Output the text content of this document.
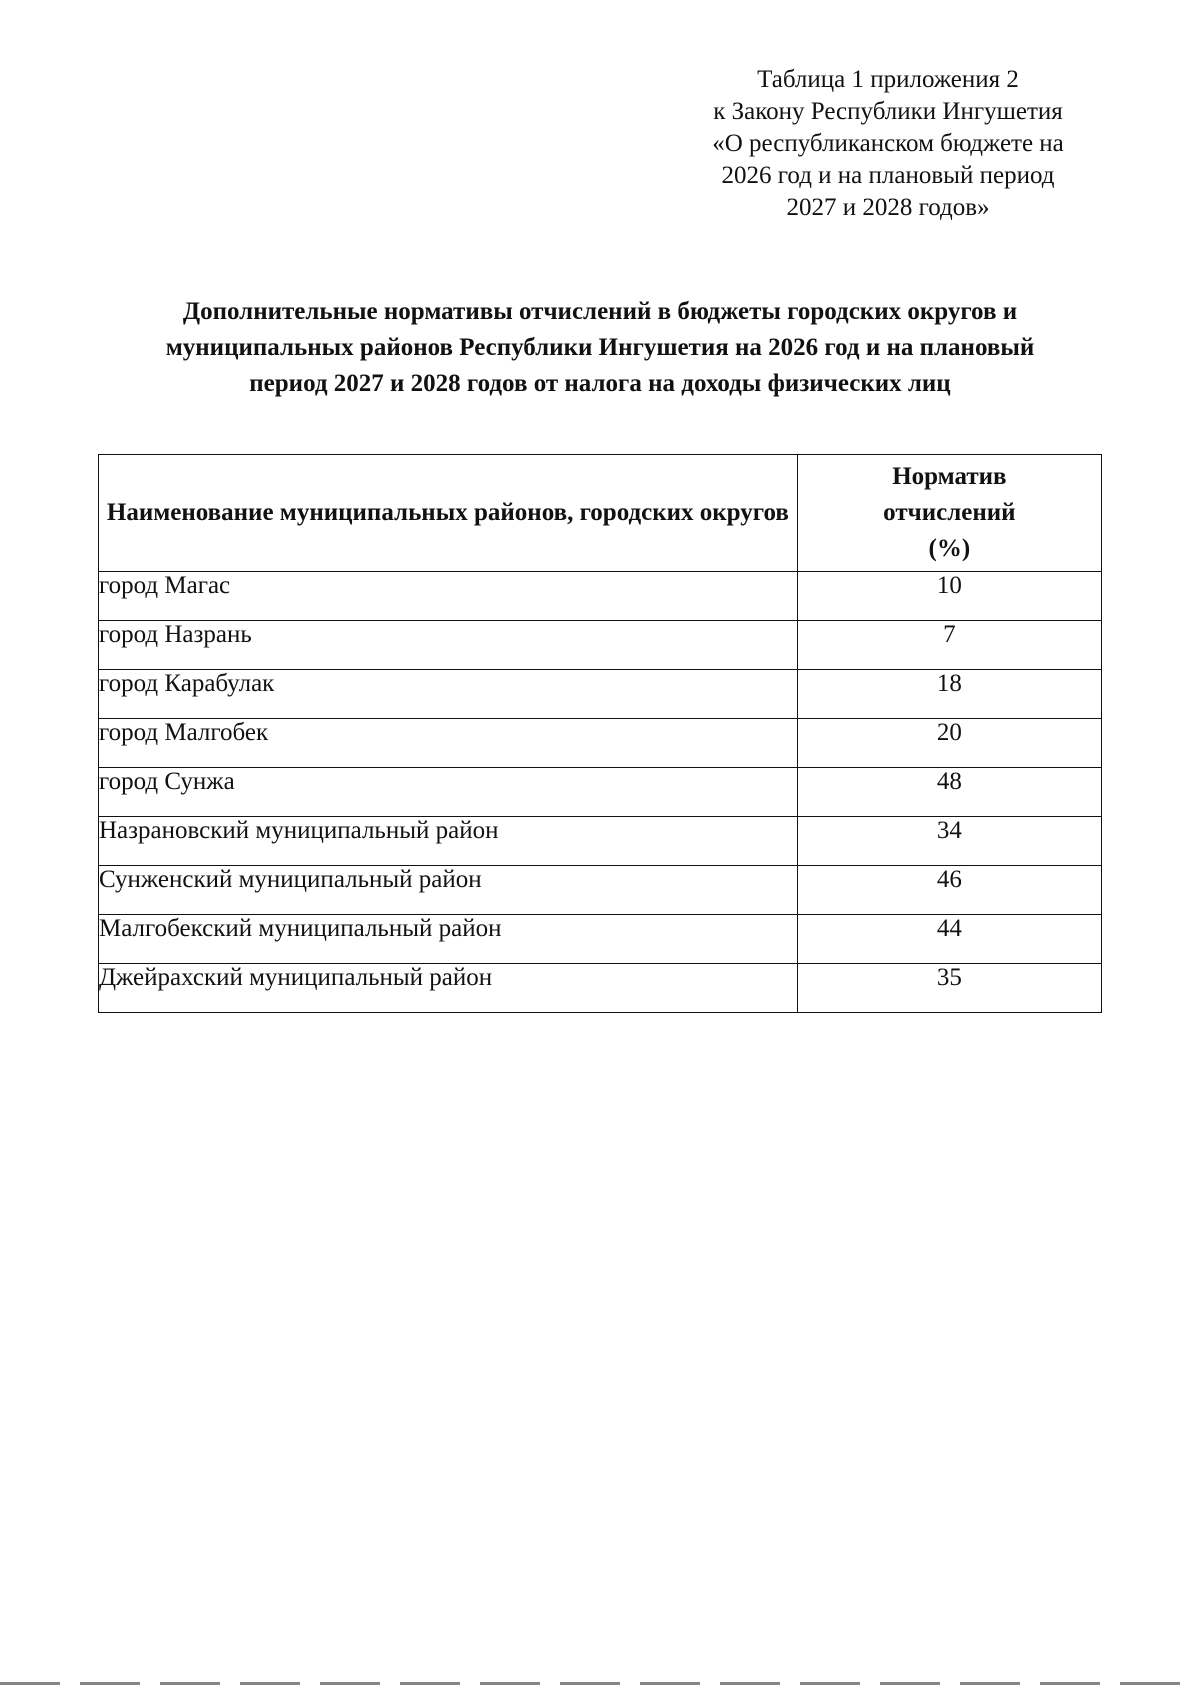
Таблица 1 приложения 2
к Закону Республики Ингушетия
«О республиканском бюджете на
2026 год и на плановый период
2027 и 2028 годов»
Дополнительные нормативы отчислений в бюджеты городских округов и
муниципальных районов Республики Ингушетия на 2026 год и на плановый
период 2027 и 2028 годов от налога на доходы физических лиц
Наименование муниципальных районов, городских округов	Норматив
отчислений
(%)

город Магас	10
город Назрань	7
город Карабулак	18
город Малгобек	20
город Сунжа	48
Назрановский муниципальный район	34
Сунженский муниципальный район	46
Малгобекский муниципальный район	44
Джейрахский муниципальный район	35
